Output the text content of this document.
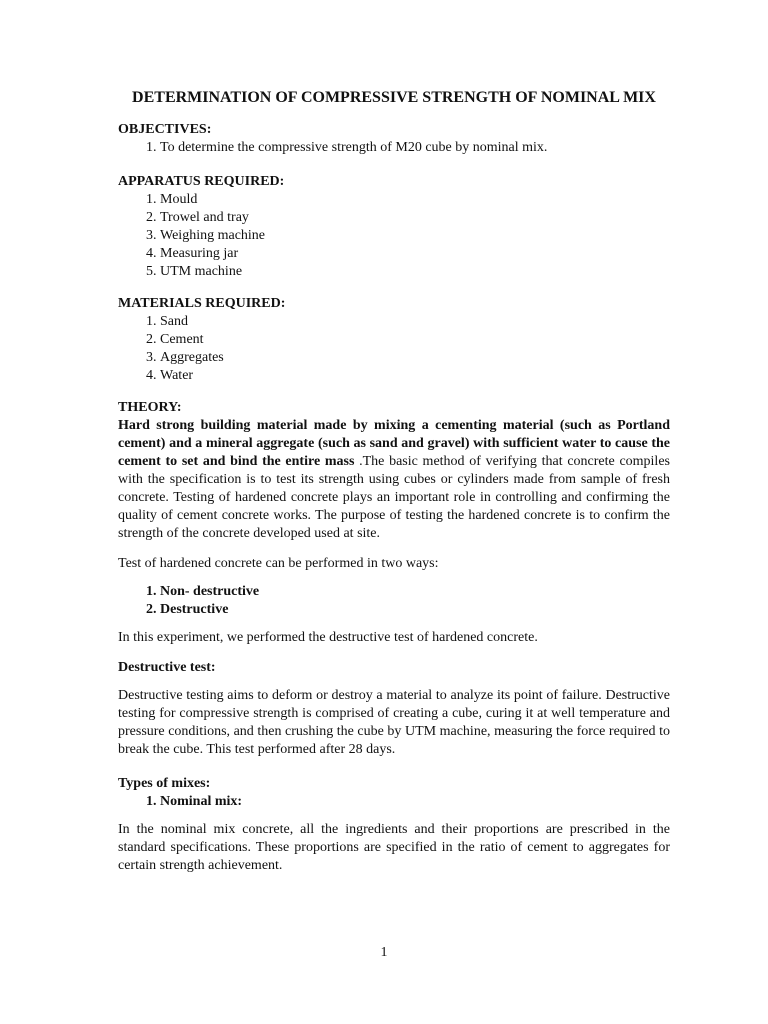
DETERMINATION OF COMPRESSIVE STRENGTH OF NOMINAL MIX
OBJECTIVES:
1. To determine the compressive strength of M20 cube by nominal mix.
APPARATUS REQUIRED:
1. Mould
2. Trowel and tray
3. Weighing machine
4. Measuring jar
5. UTM machine
MATERIALS REQUIRED:
1. Sand
2. Cement
3. Aggregates
4. Water
THEORY:

Hard strong building material made by mixing a cementing material (such as Portland cement) and a mineral aggregate (such as sand and gravel) with sufficient water to cause the cement to set and bind the entire mass .The basic method of verifying that concrete compiles with the specification is to test its strength using cubes or cylinders made from sample of fresh concrete. Testing of hardened concrete plays an important role in controlling and confirming the quality of cement concrete works. The purpose of testing the hardened concrete is to confirm the strength of the concrete developed used at site.

Test of hardened concrete can be performed in two ways:

1. Non- destructive
2. Destructive

In this experiment, we performed the destructive test of hardened concrete.

Destructive test:

Destructive testing aims to deform or destroy a material to analyze its point of failure. Destructive testing for compressive strength is comprised of creating a cube, curing it at well temperature and pressure conditions, and then crushing the cube by UTM machine, measuring the force required to break the cube. This test performed after 28 days.

Types of mixes:
1. Nominal mix:

In the nominal mix concrete, all the ingredients and their proportions are prescribed in the standard specifications. These proportions are specified in the ratio of cement to aggregates for certain strength achievement.

1
